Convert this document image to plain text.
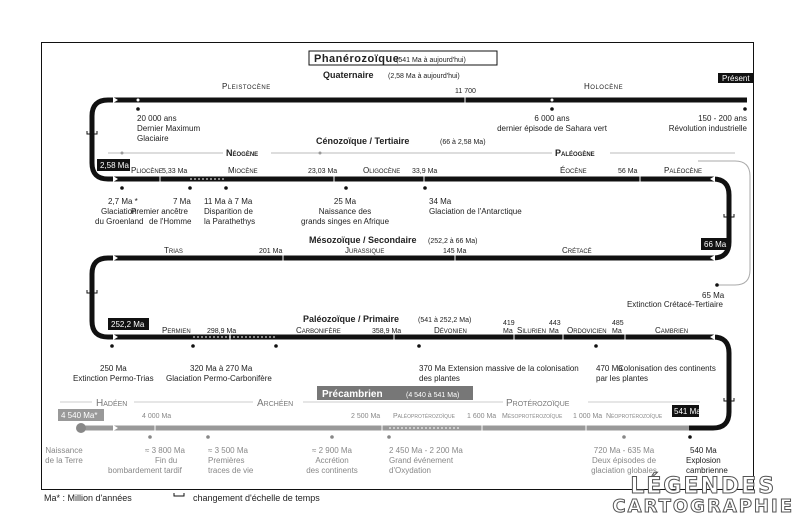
Phanérozoïque
(541 Ma à aujourd'hui)
Quaternaire (2,58 Ma à aujourd'hui)	Présent
Pleistocène	Holocène
11 700
20 000 ans
Dernier Maximum
Glaciaire
6 000 ans
dernier épisode de Sahara vert
150 - 200 ans
Révolution industrielle
Cénozoïque / Tertiaire	(66 à 2,58 Ma)
Néogène	Paléogène
2,58 Ma
Pliocène 5,33 Ma	Miocène	23,03 Ma	Oligocène 33,9 Ma	Éocène	56 Ma	Paléocène
2,7 Ma *
Glaciation
du Groenland
7 Ma
Premier ancêtre
de l'Homme
11 Ma à 7 Ma
Disparition de
la Parathethys
25 Ma
Naissance des
grands singes en Afrique
34 Ma
Glaciation de l'Antarctique
Mésozoïque / Secondaire (252,2 à 66 Ma)	66 Ma
Trias	201 Ma	Jurassique	145 Ma	Crétacé
65 Ma
Extinction Crétacé-Tertiaire
Paléozoïque / Primaire	(541 à 252,2 Ma)
252,2 Ma
Permien 298,9 Ma	Carbonifère	358,9 Ma	Dévonien
419
Ma Silurien
443
Ma Ordovicien
485
Ma	Cambrien
250 Ma
Extinction Permo-Trias
320 Ma à 270 Ma
Glaciation Permo-Carbonifère
370 Ma Extension massive de la colonisation
des plantes
470 Ma
Colonisation des continents
par les plantes
Précambrien	(4 540 à 541 Ma)
Hadéen	Archéen	Protérozoïque
4 540 Ma*	541 Ma
4 000 Ma	2 500 Ma Paléoprotérozoïque 1 600 Ma Mésoprotérozoïque 1 000 Ma Néoprotérozoïque
Naissance
de la Terre
≈ 3 800 Ma
Fin du
bombardement tardif
≈ 3 500 Ma
Premières
traces de vie
≈ 2 900 Ma
Accrétion
des continents
2 450 Ma - 2 200 Ma
Grand événement
d'Oxydation
720 Ma - 635 Ma
Deux épisodes de
glaciation globales
540 Ma
Explosion
cambrienne
Ma* : Million d'années	changement d'échelle de temps	LÉGENDES
CARTOGRAPHIE
